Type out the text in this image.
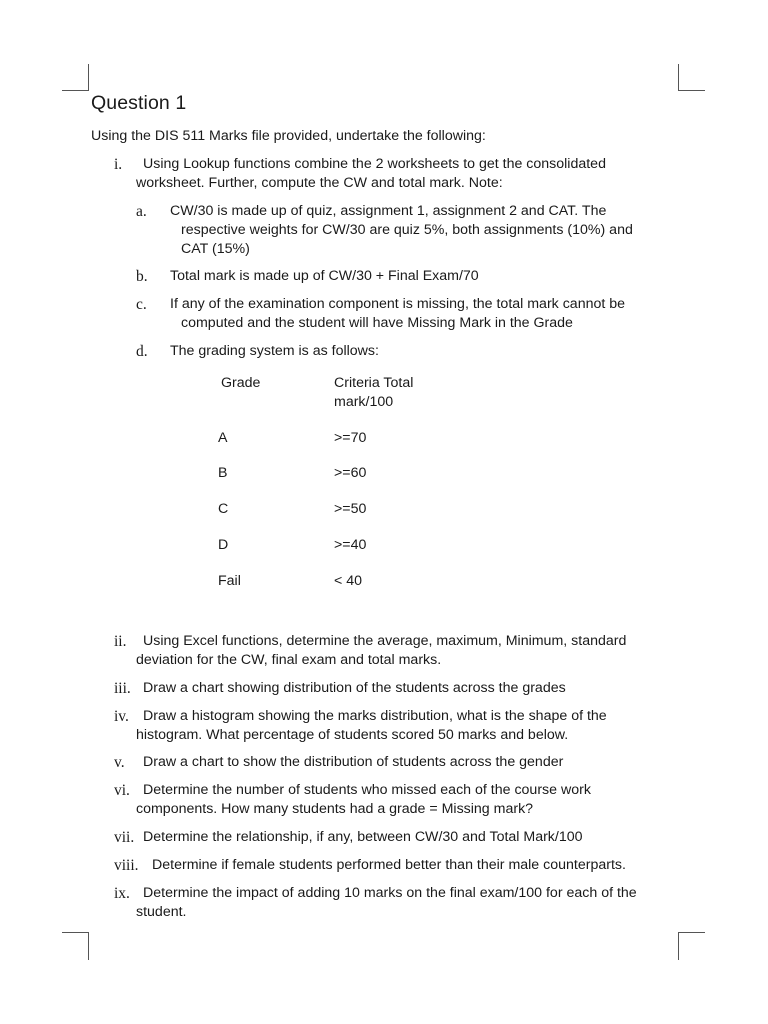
Question 1
Using the DIS 511 Marks file provided, undertake the following:
i. Using Lookup functions combine the 2 worksheets to get the consolidated
worksheet. Further, compute the CW and total mark. Note:
a. CW/30 is made up of quiz, assignment 1, assignment 2 and CAT. The
respective weights for CW/30 are quiz 5%, both assignments (10%) and
CAT (15%)
b. Total mark is made up of CW/30 + Final Exam/70
c. If any of the examination component is missing, the total mark cannot be
computed and the student will have Missing Mark in the Grade
d. The grading system is as follows:
Grade	Criteria Total
mark/100
A	>=70
B	>=60
C	>=50
D	>=40
Fail	< 40
ii. Using Excel functions, determine the average, maximum, Minimum, standard
deviation for the CW, final exam and total marks.
iii. Draw a chart showing distribution of the students across the grades
iv. Draw a histogram showing the marks distribution, what is the shape of the
histogram. What percentage of students scored 50 marks and below.
v. Draw a chart to show the distribution of students across the gender
vi. Determine the number of students who missed each of the course work
components. How many students had a grade = Missing mark?
vii. Determine the relationship, if any, between CW/30 and Total Mark/100
viii. Determine if female students performed better than their male counterparts.
ix. Determine the impact of adding 10 marks on the final exam/100 for each of the
student.
